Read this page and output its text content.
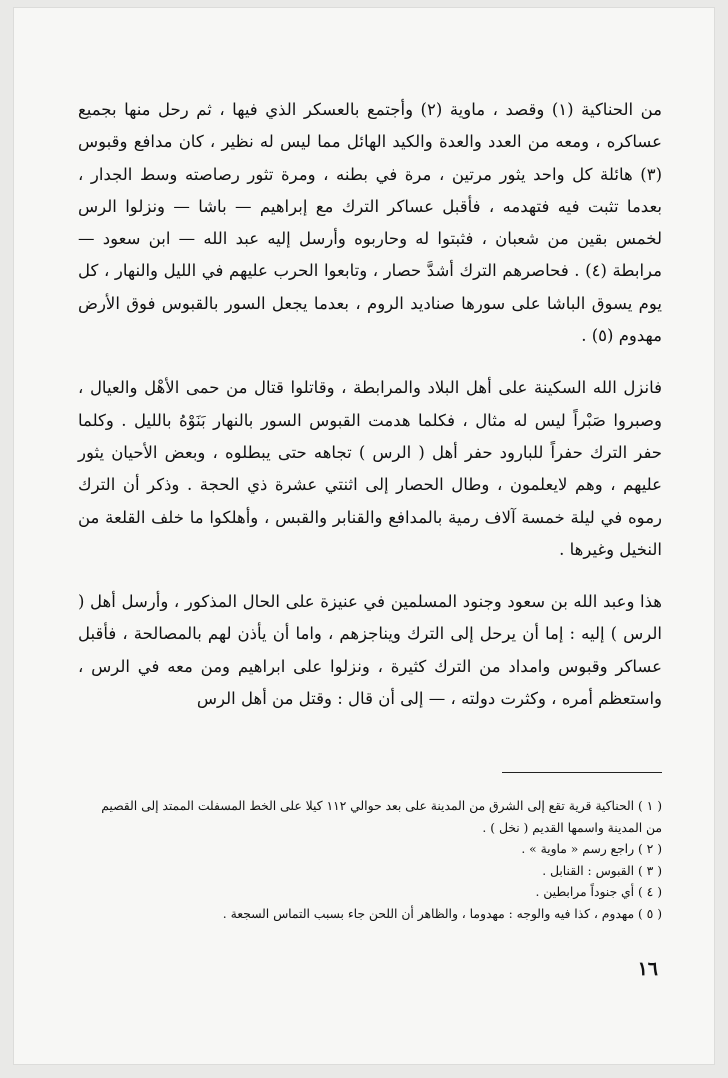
من الحناكية (١) وقصد ، ماوية (٢) وأجتمع بالعسكر الذي فيها ، ثم رحل منها بجميع عساكره ، ومعه من العدد والعدة والكيد الهائل مما ليس له نظير ، كان مدافع وقبوس (٣) هائلة كل واحد يثور مرتين ، مرة في بطنه ، ومرة تثور رصاصته وسط الجدار ، بعدما تثبت فيه فتهدمه ، فأقبل عساكر الترك مع إبراهيم — باشا — ونزلوا الرس لخمس بقين من شعبان ، فثبتوا له وحاربوه وأرسل إليه عبد الله — ابن سعود — مرابطة (٤) . فحاصرهم الترك أشدَّ حصار ، وتابعوا الحرب عليهم في الليل والنهار ، كل يوم يسوق الباشا على سورها صناديد الروم ، بعدما يجعل السور بالقبوس فوق الأرض مهدوم (٥) .

فانزل الله السكينة على أهل البلاد والمرابطة ، وقاتلوا قتال من حمى الأهْل والعيال ، وصبروا صَبْراً ليس له مثال ، فكلما هدمت القبوس السور بالنهار بَنَوْهُ بالليل . وكلما حفر الترك حفراً للبارود حفر أهل ( الرس ) تجاهه حتى يبطلوه ، وبعض الأحيان يثور عليهم ، وهم لايعلمون ، وطال الحصار إلى اثنتي عشرة ذي الحجة . وذكر أن الترك رموه في ليلة خمسة آلاف رمية بالمدافع والقنابر والقبس ، وأهلكوا ما خلف القلعة من النخيل وغيرها .

هذا وعبد الله بن سعود وجنود المسلمين في عنيزة على الحال المذكور ، وأرسل أهل ( الرس ) إليه : إما أن يرحل إلى الترك ويناجزهم ، واما أن يأذن لهم بالمصالحة ، فأقبل عساكر وقبوس وامداد من الترك كثيرة ، ونزلوا على ابراهيم ومن معه في الرس ، واستعظم أمره ، وكثرت دولته ، — إلى أن قال : وقتل من أهل الرس

( ١ ) الحناكية قرية تقع إلى الشرق من المدينة على بعد حوالي ١١٢ كيلا على الخط المسفلت الممتد إلى القصيم من المدينة واسمها القديم ( نخل ) .
( ٢ ) راجع رسم « ماوية » .
( ٣ ) القبوس : القنابل .
( ٤ ) أي جنوداً مرابطين .
( ٥ ) مهدوم ، كذا فيه والوجه : مهدوما ، والظاهر أن اللحن جاء بسبب التماس السجعة .
١٦
